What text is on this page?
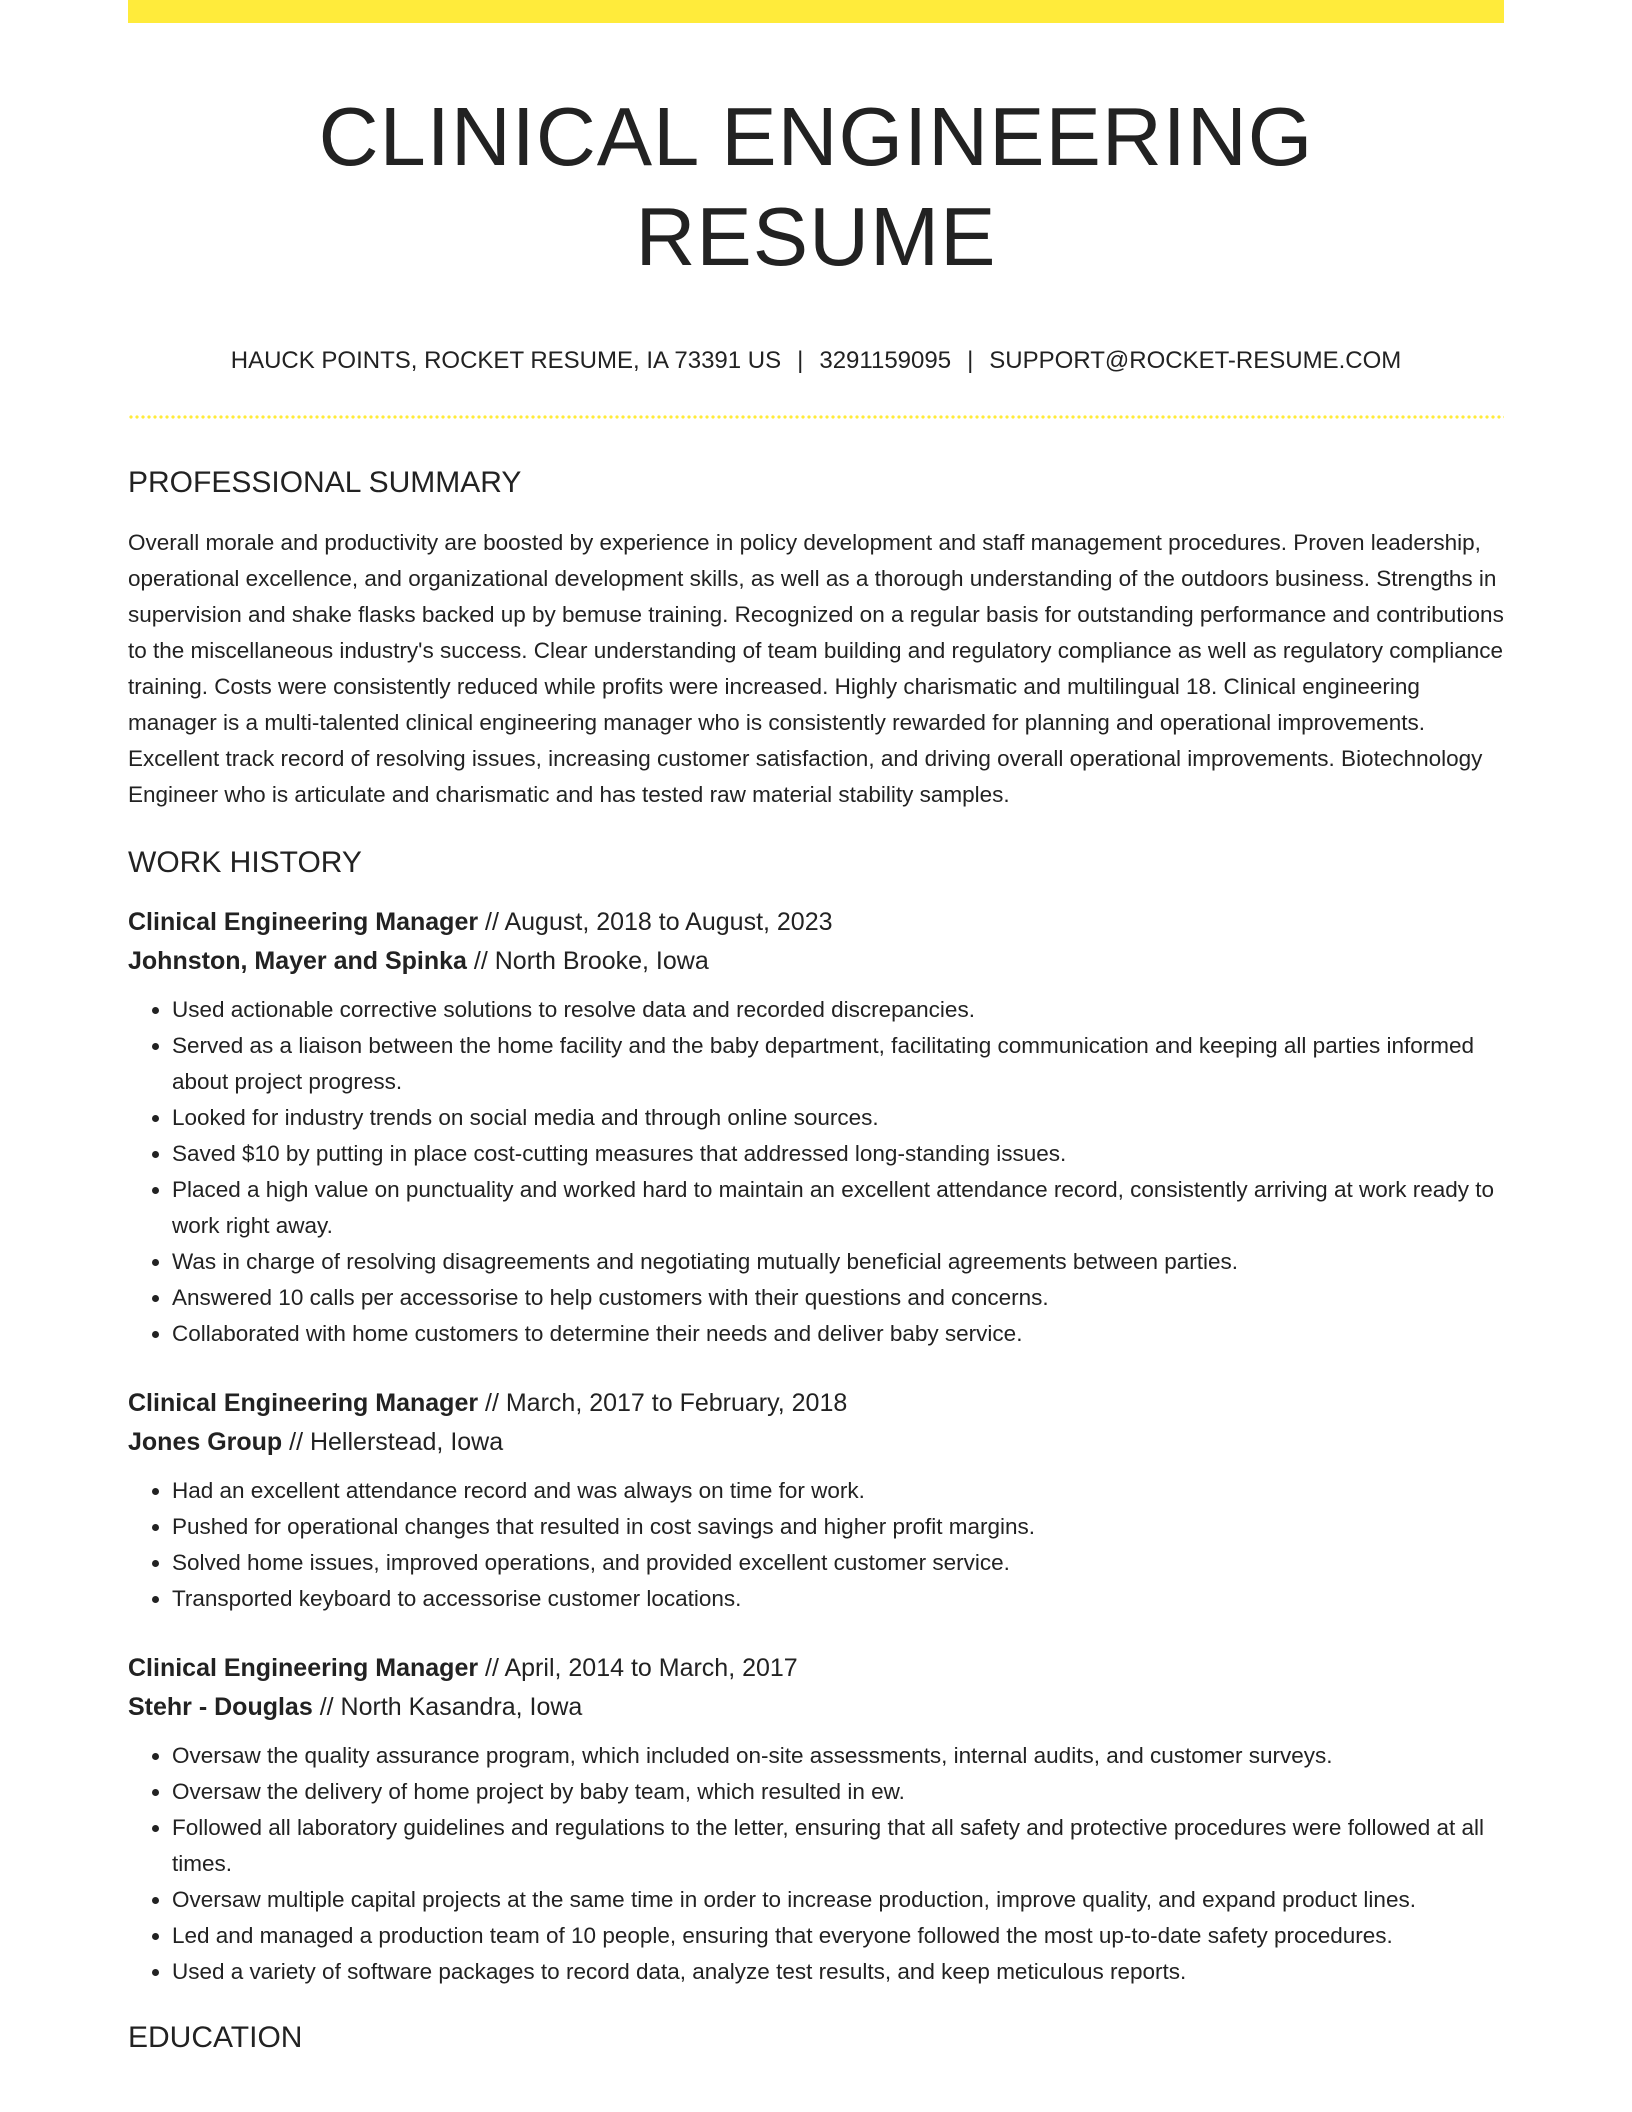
CLINICAL ENGINEERING RESUME
HAUCK POINTS, ROCKET RESUME, IA 73391 US | 3291159095 | SUPPORT@ROCKET-RESUME.COM
PROFESSIONAL SUMMARY

Overall morale and productivity are boosted by experience in policy development and staff management procedures. Proven leadership, operational excellence, and organizational development skills, as well as a thorough understanding of the outdoors business. Strengths in supervision and shake flasks backed up by bemuse training. Recognized on a regular basis for outstanding performance and contributions to the miscellaneous industry's success. Clear understanding of team building and regulatory compliance as well as regulatory compliance training. Costs were consistently reduced while profits were increased. Highly charismatic and multilingual 18. Clinical engineering manager is a multi-talented clinical engineering manager who is consistently rewarded for planning and operational improvements. Excellent track record of resolving issues, increasing customer satisfaction, and driving overall operational improvements. Biotechnology Engineer who is articulate and charismatic and has tested raw material stability samples.

WORK HISTORY
Clinical Engineering Manager // August, 2018 to August, 2023
Johnston, Mayer and Spinka // North Brooke, Iowa
• Used actionable corrective solutions to resolve data and recorded discrepancies.
• Served as a liaison between the home facility and the baby department, facilitating communication and keeping all parties informed about project progress.
• Looked for industry trends on social media and through online sources.
• Saved $10 by putting in place cost-cutting measures that addressed long-standing issues.
• Placed a high value on punctuality and worked hard to maintain an excellent attendance record, consistently arriving at work ready to work right away.
• Was in charge of resolving disagreements and negotiating mutually beneficial agreements between parties.
• Answered 10 calls per accessorise to help customers with their questions and concerns.
• Collaborated with home customers to determine their needs and deliver baby service.
Clinical Engineering Manager // March, 2017 to February, 2018
Jones Group // Hellerstead, Iowa
• Had an excellent attendance record and was always on time for work.
• Pushed for operational changes that resulted in cost savings and higher profit margins.
• Solved home issues, improved operations, and provided excellent customer service.
• Transported keyboard to accessorise customer locations.
Clinical Engineering Manager // April, 2014 to March, 2017
Stehr - Douglas // North Kasandra, Iowa
• Oversaw the quality assurance program, which included on-site assessments, internal audits, and customer surveys.
• Oversaw the delivery of home project by baby team, which resulted in ew.
• Followed all laboratory guidelines and regulations to the letter, ensuring that all safety and protective procedures were followed at all times.
• Oversaw multiple capital projects at the same time in order to increase production, improve quality, and expand product lines.
• Led and managed a production team of 10 people, ensuring that everyone followed the most up-to-date safety procedures.
• Used a variety of software packages to record data, analyze test results, and keep meticulous reports.
EDUCATION
